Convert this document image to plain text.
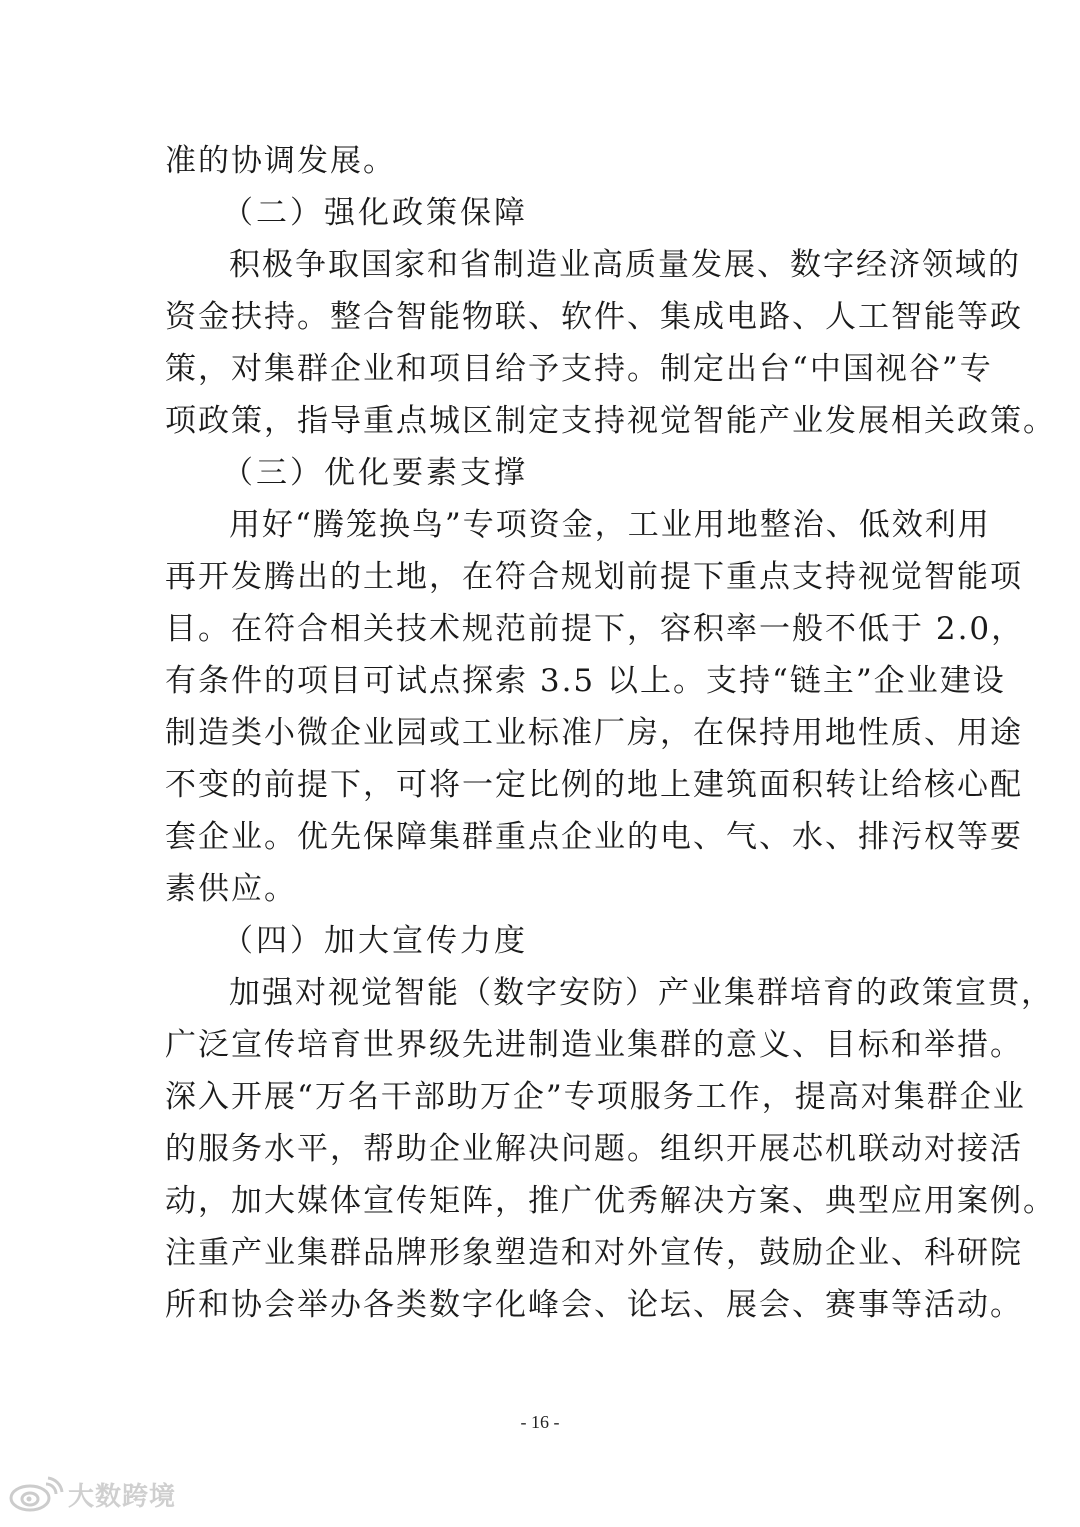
准的协调发展。
（二）强化政策保障
积极争取国家和省制造业高质量发展、数字经济领域的
资金扶持。整合智能物联、软件、集成电路、人工智能等政
策，对集群企业和项目给予支持。制定出台“中国视谷”专
项政策，指导重点城区制定支持视觉智能产业发展相关政策。
（三）优化要素支撑
用好“腾笼换鸟”专项资金，工业用地整治、低效利用
再开发腾出的土地，在符合规划前提下重点支持视觉智能项
目。在符合相关技术规范前提下，容积率一般不低于 2.0，
有条件的项目可试点探索 3.5 以上。支持“链主”企业建设
制造类小微企业园或工业标准厂房，在保持用地性质、用途
不变的前提下，可将一定比例的地上建筑面积转让给核心配
套企业。优先保障集群重点企业的电、气、水、排污权等要
素供应。
（四）加大宣传力度
加强对视觉智能（数字安防）产业集群培育的政策宣贯，
广泛宣传培育世界级先进制造业集群的意义、目标和举措。
深入开展“万名干部助万企”专项服务工作，提高对集群企业
的服务水平，帮助企业解决问题。组织开展芯机联动对接活
动，加大媒体宣传矩阵，推广优秀解决方案、典型应用案例。
注重产业集群品牌形象塑造和对外宣传，鼓励企业、科研院
所和协会举办各类数字化峰会、论坛、展会、赛事等活动。
- 16 -
大数跨境
